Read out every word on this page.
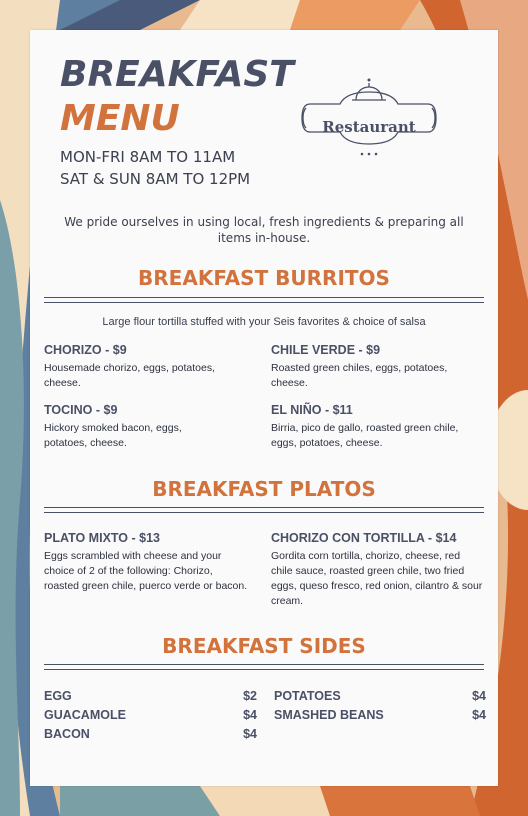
BREAKFAST
MENU
MON-FRI 8AM TO 11AM
SAT & SUN 8AM TO 12PM
Restaurant
We pride ourselves in using local, fresh ingredients & preparing all items in-house.
BREAKFAST BURRITOS
Large flour tortilla stuffed with your Seis favorites & choice of salsa
CHORIZO - $9
Housemade chorizo, eggs, potatoes, cheese.
CHILE VERDE - $9
Roasted green chiles, eggs, potatoes, cheese.
TOCINO - $9
Hickory smoked bacon, eggs, potatoes, cheese.
EL NIÑO - $11
Birria, pico de gallo, roasted green chile, eggs, potatoes, cheese.
BREAKFAST PLATOS
PLATO MIXTO - $13
Eggs scrambled with cheese and your choice of 2 of the following: Chorizo, roasted green chile, puerco verde or bacon.
CHORIZO CON TORTILLA - $14
Gordita corn tortilla, chorizo, cheese, red chile sauce, roasted green chile, two fried eggs, queso fresco, red onion, cilantro & sour cream.
BREAKFAST SIDES
EGG	$2
GUACAMOLE	$4
BACON	$4
POTATOES	$4
SMASHED BEANS	$4
